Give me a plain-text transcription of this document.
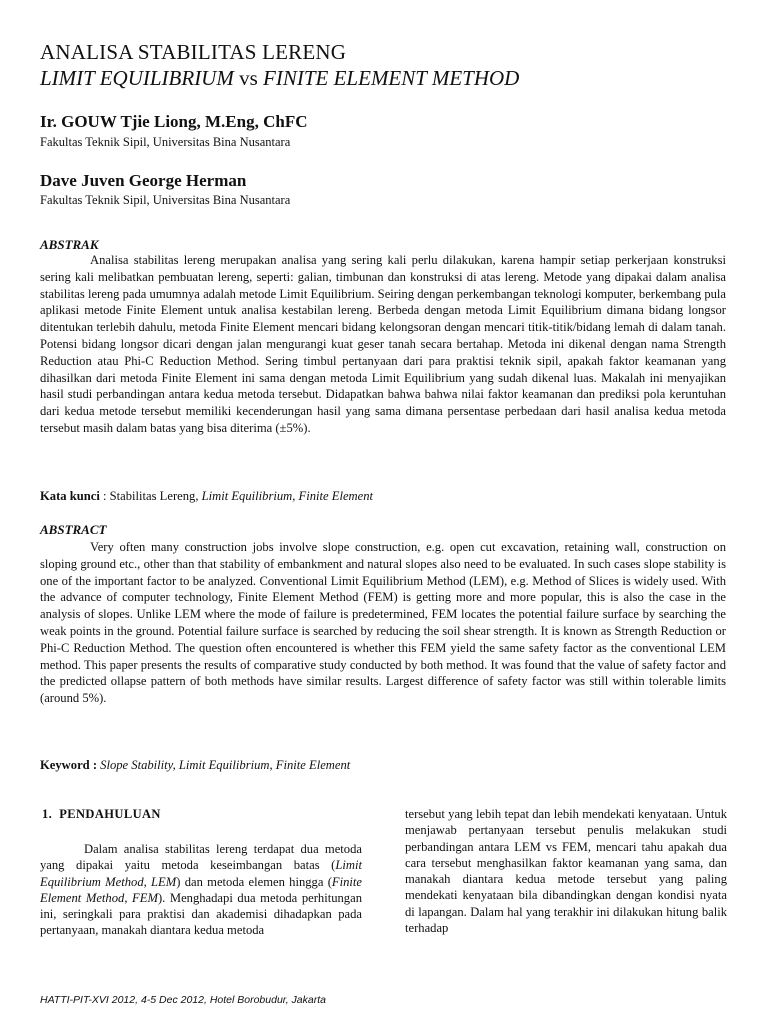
ANALISA STABILITAS LERENG
LIMIT EQUILIBRIUM vs FINITE ELEMENT METHOD
Ir. GOUW Tjie Liong, M.Eng, ChFC
Fakultas Teknik Sipil, Universitas Bina Nusantara
Dave Juven George Herman
Fakultas Teknik Sipil, Universitas Bina Nusantara
ABSTRAK
Analisa stabilitas lereng merupakan analisa yang sering kali perlu dilakukan, karena hampir setiap perkerjaan konstruksi sering kali melibatkan pembuatan lereng, seperti: galian, timbunan dan konstruksi di atas lereng. Metode yang dipakai dalam analisa stabilitas lereng pada umumnya adalah metode Limit Equilibrium. Seiring dengan perkembangan teknologi komputer, berkembang pula aplikasi metode Finite Element untuk analisa kestabilan lereng. Berbeda dengan metoda Limit Equilibrium dimana bidang longsor ditentukan terlebih dahulu, metoda Finite Element mencari bidang kelongsoran dengan mencari titik-titik/bidang lemah di dalam tanah. Potensi bidang longsor dicari dengan jalan mengurangi kuat geser tanah secara bertahap. Metoda ini dikenal dengan nama Strength Reduction atau Phi-C Reduction Method. Sering timbul pertanyaan dari para praktisi teknik sipil, apakah faktor keamanan yang dihasilkan dari metoda Finite Element ini sama dengan metoda Limit Equilibrium yang sudah dikenal luas. Makalah ini menyajikan hasil studi perbandingan antara kedua metoda tersebut. Didapatkan bahwa bahwa nilai faktor keamanan dan prediksi pola keruntuhan dari kedua metode tersebut memiliki kecenderungan hasil yang sama dimana persentase perbedaan dari hasil analisa kedua metoda tersebut masih dalam batas yang bisa diterima (±5%).
Kata kunci : Stabilitas Lereng, Limit Equilibrium, Finite Element
ABSTRACT
Very often many construction jobs involve slope construction, e.g. open cut excavation, retaining wall, construction on sloping ground etc., other than that stability of embankment and natural slopes also need to be evaluated. In such cases slope stability is one of the important factor to be analyzed. Conventional Limit Equilibrium Method (LEM), e.g. Method of Slices is widely used. With the advance of computer technology, Finite Element Method (FEM) is getting more and more popular, this is also the case in the analysis of slopes. Unlike LEM where the mode of failure is predetermined, FEM locates the potential failure surface by searching the weak points in the ground. Potential failure surface is searched by reducing the soil shear strength. It is known as Strength Reduction or Phi-C Reduction Method. The question often encountered is whether this FEM yield the same safety factor as the conventional LEM method. This paper presents the results of comparative study conducted by both method. It was found that the value of safety factor and the predicted ollapse pattern of both methods have similar results. Largest difference of safety factor was still within tolerable limits (around 5%).
Keyword : Slope Stability, Limit Equilibrium, Finite Element
1.  PENDAHULUAN
Dalam analisa stabilitas lereng terdapat dua metoda yang dipakai yaitu metoda keseimbangan batas (Limit Equilibrium Method, LEM) dan metoda elemen hingga (Finite Element Method, FEM). Menghadapi dua metoda perhitungan ini, seringkali para praktisi dan akademisi dihadapkan pada pertanyaan, manakah diantara kedua metoda
tersebut yang lebih tepat dan lebih mendekati kenyataan. Untuk menjawab pertanyaan tersebut penulis melakukan studi perbandingan antara LEM vs FEM, mencari tahu apakah dua cara tersebut menghasilkan faktor keamanan yang sama, dan manakah diantara kedua metode tersebut yang paling mendekati kenyataan bila dibandingkan dengan kondisi nyata di lapangan. Dalam hal yang terakhir ini dilakukan hitung balik terhadap
HATTI-PIT-XVI 2012, 4-5 Dec 2012, Hotel Borobudur, Jakarta
